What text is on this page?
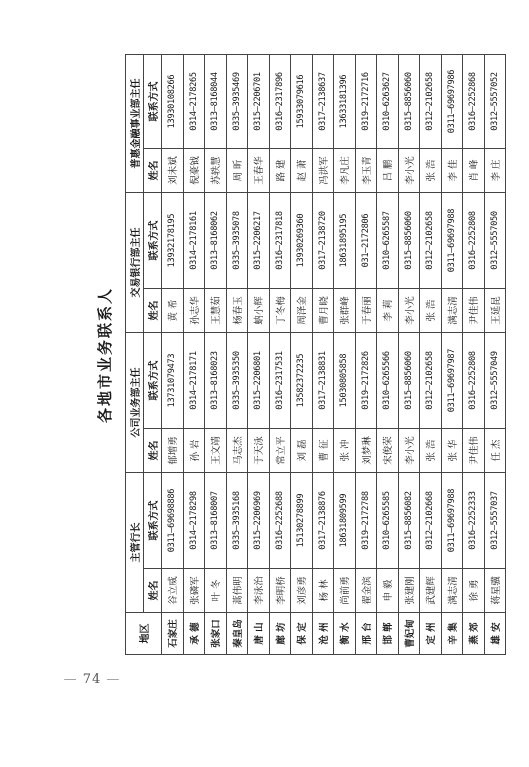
— 74 —
各地市业务联系人
地区	主管行长		公司业务部主任		交易银行部主任		普惠金融事业部主任	
	姓名	联系方式	姓名	联系方式	姓名	联系方式	姓名	联系方式
石家庄	谷立威	0311—69698886	郁增勇	13731079473	黄 希	13932178195	刘未斌	13930108266
承 德	张磷军	0314—2178298	孙 岩	0314—2178171	孙志华	0314—2178161	倪豪钺	0314—2178265
张家口	叶 冬	0313—8168007	王文靖	0313—8168023	王慧茹	0313—8168062	苏轶慧	0313—8168044
秦皇岛	蒿伟明	0335—3935168	马志杰	0335—3935350	杨春玉	0335—3935078	周 昕	0335—3935469
唐 山	李泳治	0315—2206969	于天泳	0315—2206801	蚋小辉	0315—2206217	王春华	0315—2206701
廊 坊	李明桥	0316—2252688	常立平	0316—2317531	丁冬梅	0316—2317818	路 建	0316—2317896
保 定	刘彦勇	15130278899	刘 磊	13582372235	周泽金	13930269360	赵 萧	15933079616
沧 州	杨 林	0317—2138876	曹 征	0317—2138831	曹月晓	0317—2138720	冯洪军	0317—2138637
衡 水	尚前勇	18631809599	张 冲	15030805858	张群峰	18631895195	李凡庄	13633181396
邢 台	翟金滨	0319—2172788	刘梦琳	0319—2172826	于春丽	031—2172806	李玉青	0319—2172716
邯 郸	申 毅	0310—6265585	宋俊荣	0310—6265566	李 莉	0310—6265587	吕 鹏	0310—6263627
曹妃甸	张建刚	0315—8856082	李小光	0315—8856060	李小光	0315—8856060	李小光	0315—8856060
定 州	武建辉	0312—2102668	张 浩	0312—2102658	张 浩	0312—2102658	张 浩	0312—2102658
辛 集	满志清	0311—69697988	张 华	0311—69697987	满志清	0311—69697988	李 佳	0311—69697986
燕 郊	徐 勇	0316—2252333	尹佳伟	0316—2252808	尹佳伟	0316—2252808	肖 峰	0316—2252868
雄 安	蒋星骥	0312—5557037	任 杰	0312—5557049	王延昆	0312—5557050	李 庄	0312—5557052
